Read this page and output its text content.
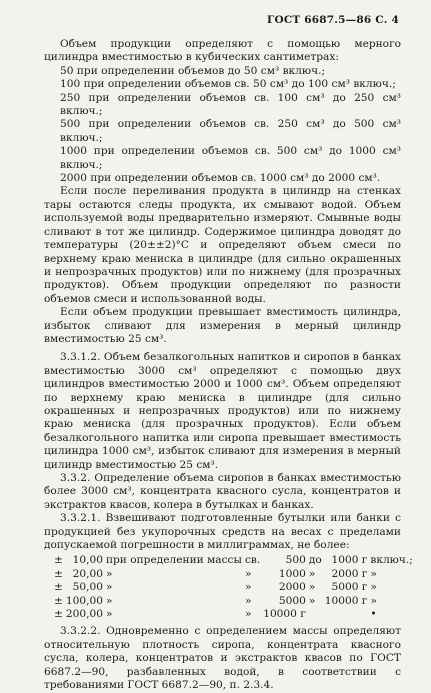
ГОСТ 6687.5—86 С. 4

Объем продукции определяют с помощью мерного цилиндра вместимостью в кубических сантиметрах:

50 при определении объемов до 50 см³ включ.;

100 при определении объемов св. 50 см³ до 100 см³ включ.;

250 при определении объемов св. 100 см³ до 250 см³ включ.;

500 при определении объемов св. 250 см³ до 500 см³ включ.;

1000 при определении объемов св. 500 см³ до 1000 см³ включ.;

2000 при определении объемов св. 1000 см³ до 2000 см³.

Если после переливания продукта в цилиндр на стенках тары остаются следы продукта, их смывают водой. Объем используемой воды предварительно измеряют. Смывные воды сливают в тот же цилиндр. Содержимое цилиндра доводят до температуры (20±±2)°С и определяют объем смеси по верхнему краю мениска в цилиндре (для сильно окрашенных и непрозрачных продуктов) или по нижнему (для прозрачных продуктов). Объем продукции определяют по разности объемов смеси и использованной воды.

Если объем продукции превышает вместимость цилиндра, избыток сливают для измерения в мерный цилиндр вместимостью 25 см³.

3.3.1.2. Объем безалкогольных напитков и сиропов в банках вместимостью 3000 см³ определяют с помощью двух цилиндров вместимостью 2000 и 1000 см³. Объем определяют по верхнему краю мениска в цилиндре (для сильно окрашенных и непрозрачных продуктов) или по нижнему краю мениска (для прозрачных продуктов). Если объем безалкогольного напитка или сиропа превышает вместимость цилиндра 1000 см³, избыток сливают для измерения в мерный цилиндр вместимостью 25 см³.

3.3.2. Определение объема сиропов в банках вместимостью более 3000 см³, концентрата квасного сусла, концентратов и экстрактов квасов, колера в бутылках и банках.

3.3.2.1. Взвешивают подготовленные бутылки или банки с продукцией без укупорочных средств на весах с пределами допускаемой погрешности в миллиграммах, не более:

±	10,00	при определении массы	св.	500	до	1000 г	включ.;
±	20,00	»	»	1000	»	2000 г	»
±	50,00	»	»	2000	»	5000 г	»
±	100,00	»	»	5000	»	10000 г	»
±	200,00	»	»	10000 г			•

3.3.2.2. Одновременно с определением массы определяют относительную плотность сиропа, концентрата квасного сусла, колера, концентратов и экстрактов квасов по ГОСТ 6687.2—90, разбавленных водой, в соответствии с требованиями ГОСТ 6687.2—90, п. 2.3.4.
